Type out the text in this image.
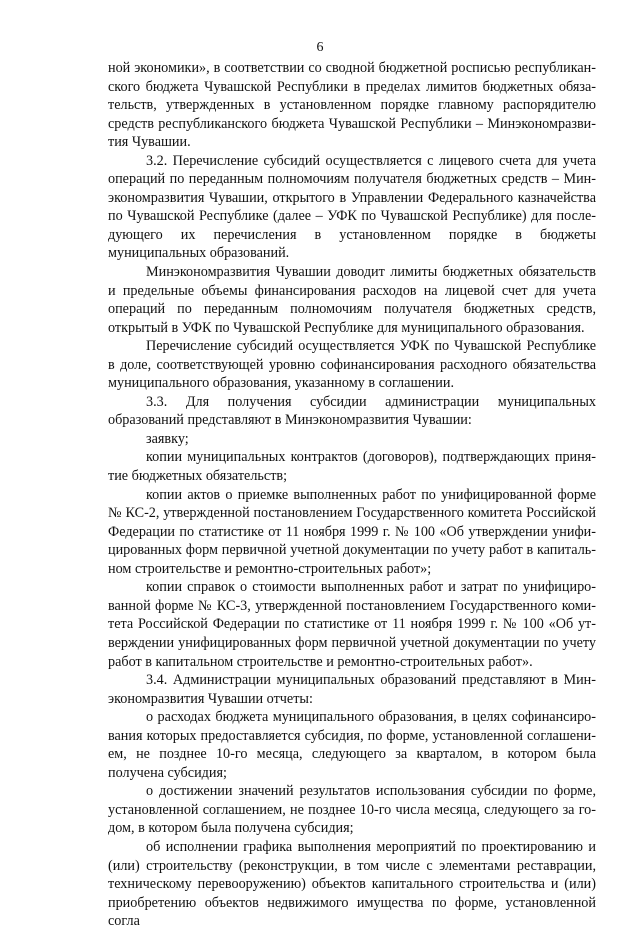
6

ной экономики», в соответствии со сводной бюджетной росписью республиканского бюджета Чувашской Республики в пределах лимитов бюджетных обязательств, утвержденных в установленном порядке главному распорядителю средств республиканского бюджета Чувашской Республики – Минэкономразвития Чувашии.

3.2. Перечисление субсидий осуществляется с лицевого счета для учета операций по переданным полномочиям получателя бюджетных средств – Минэкономразвития Чувашии, открытого в Управлении Федерального казначейства по Чувашской Республике (далее – УФК по Чувашской Республике) для последующего их перечисления в установленном порядке в бюджеты муниципальных образований.

Минэкономразвития Чувашии доводит лимиты бюджетных обязательств и предельные объемы финансирования расходов на лицевой счет для учета операций по переданным полномочиям получателя бюджетных средств, открытый в УФК по Чувашской Республике для муниципального образования.

Перечисление субсидий осуществляется УФК по Чувашской Республике в доле, соответствующей уровню софинансирования расходного обязательства муниципального образования, указанному в соглашении.

3.3. Для получения субсидии администрации муниципальных образований представляют в Минэкономразвития Чувашии:

заявку;

копии муниципальных контрактов (договоров), подтверждающих принятие бюджетных обязательств;

копии актов о приемке выполненных работ по унифицированной форме № КС-2, утвержденной постановлением Государственного комитета Российской Федерации по статистике от 11 ноября 1999 г. № 100 «Об утверждении унифицированных форм первичной учетной документации по учету работ в капитальном строительстве и ремонтно-строительных работ»;

копии справок о стоимости выполненных работ и затрат по унифицированной форме № КС-3, утвержденной постановлением Государственного комитета Российской Федерации по статистике от 11 ноября 1999 г. № 100 «Об утверждении унифицированных форм первичной учетной документации по учету работ в капитальном строительстве и ремонтно-строительных работ».

3.4. Администрации муниципальных образований представляют в Минэкономразвития Чувашии отчеты:

о расходах бюджета муниципального образования, в целях софинансирования которых предоставляется субсидия, по форме, установленной соглашением, не позднее 10-го месяца, следующего за кварталом, в котором была получена субсидия;

о достижении значений результатов использования субсидии по форме, установленной соглашением, не позднее 10-го числа месяца, следующего за годом, в котором была получена субсидия;

об исполнении графика выполнения мероприятий по проектированию и (или) строительству (реконструкции, в том числе с элементами реставрации, техническому перевооружению) объектов капитального строительства и (или) приобретению объектов недвижимого имущества по форме, установленной согла
